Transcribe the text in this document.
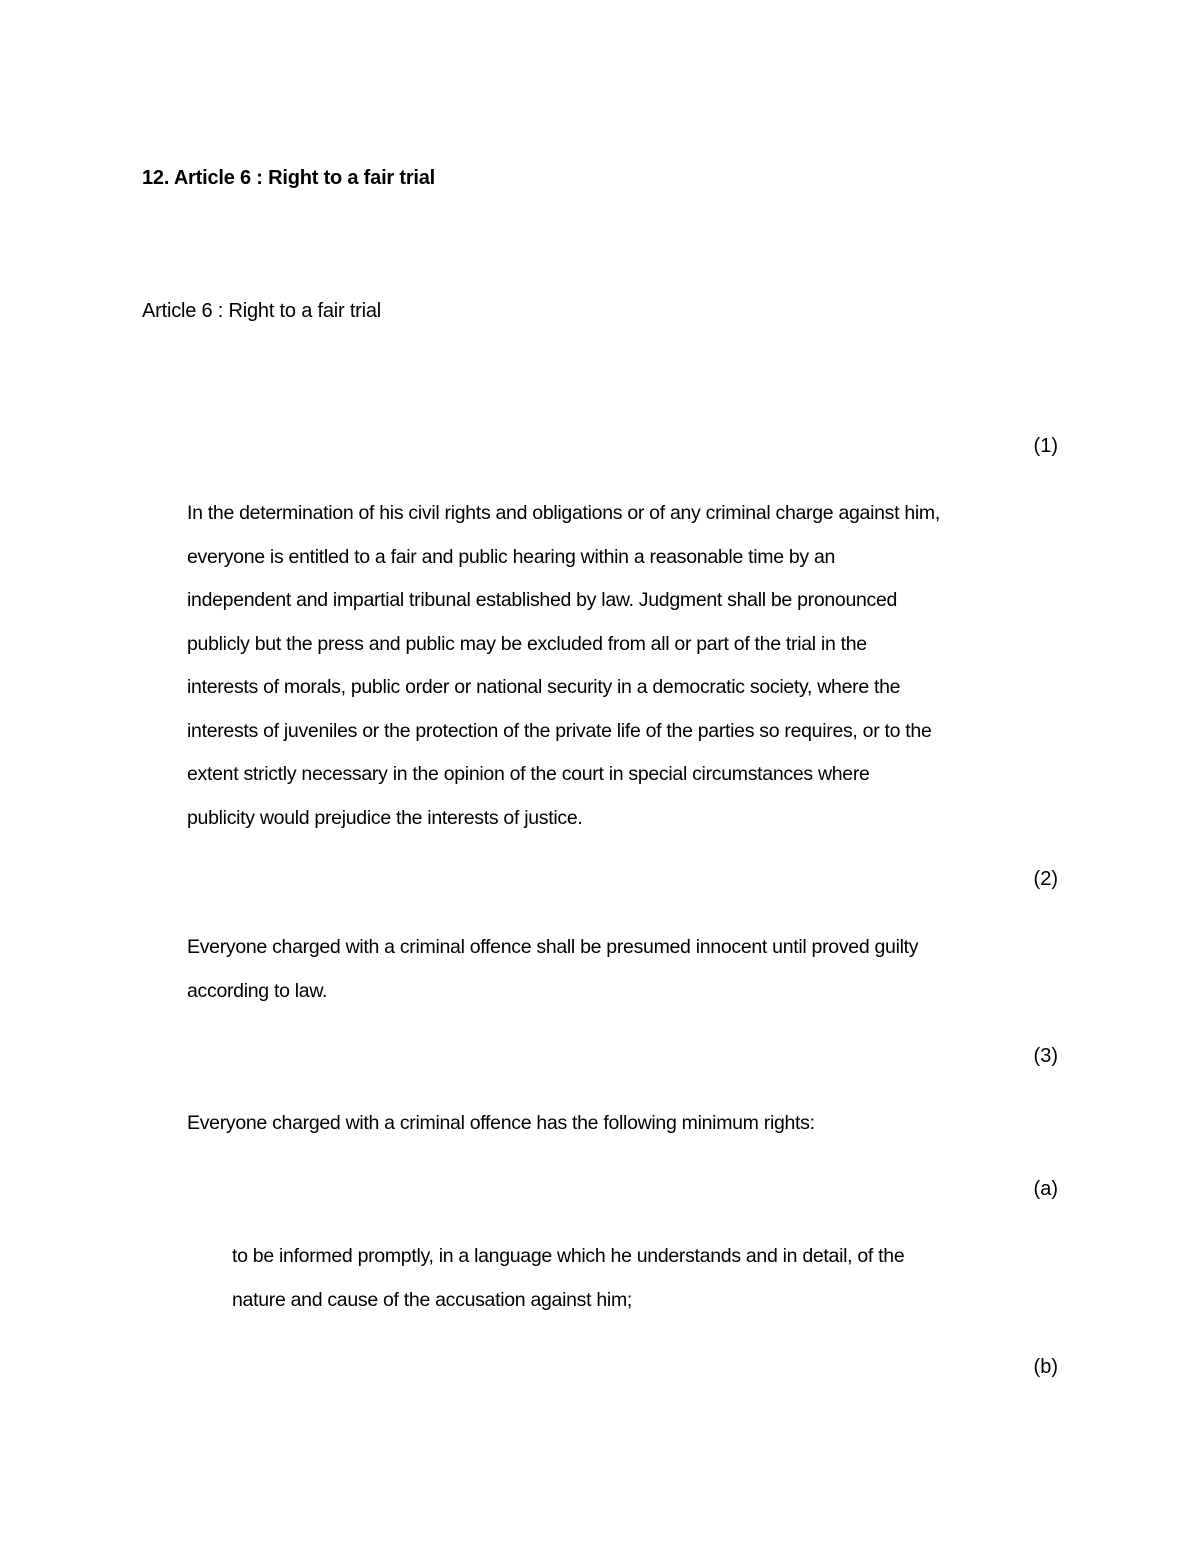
12. Article 6 : Right to a fair trial
Article 6 : Right to a fair trial
(1)
In the determination of his civil rights and obligations or of any criminal charge against him,
everyone is entitled to a fair and public hearing within a reasonable time by an
independent and impartial tribunal established by law. Judgment shall be pronounced
publicly but the press and public may be excluded from all or part of the trial in the
interests of morals, public order or national security in a democratic society, where the
interests of juveniles or the protection of the private life of the parties so requires, or to the
extent strictly necessary in the opinion of the court in special circumstances where
publicity would prejudice the interests of justice.
(2)
Everyone charged with a criminal offence shall be presumed innocent until proved guilty
according to law.
(3)
Everyone charged with a criminal offence has the following minimum rights:
(a)
to be informed promptly, in a language which he understands and in detail, of the
nature and cause of the accusation against him;
(b)
